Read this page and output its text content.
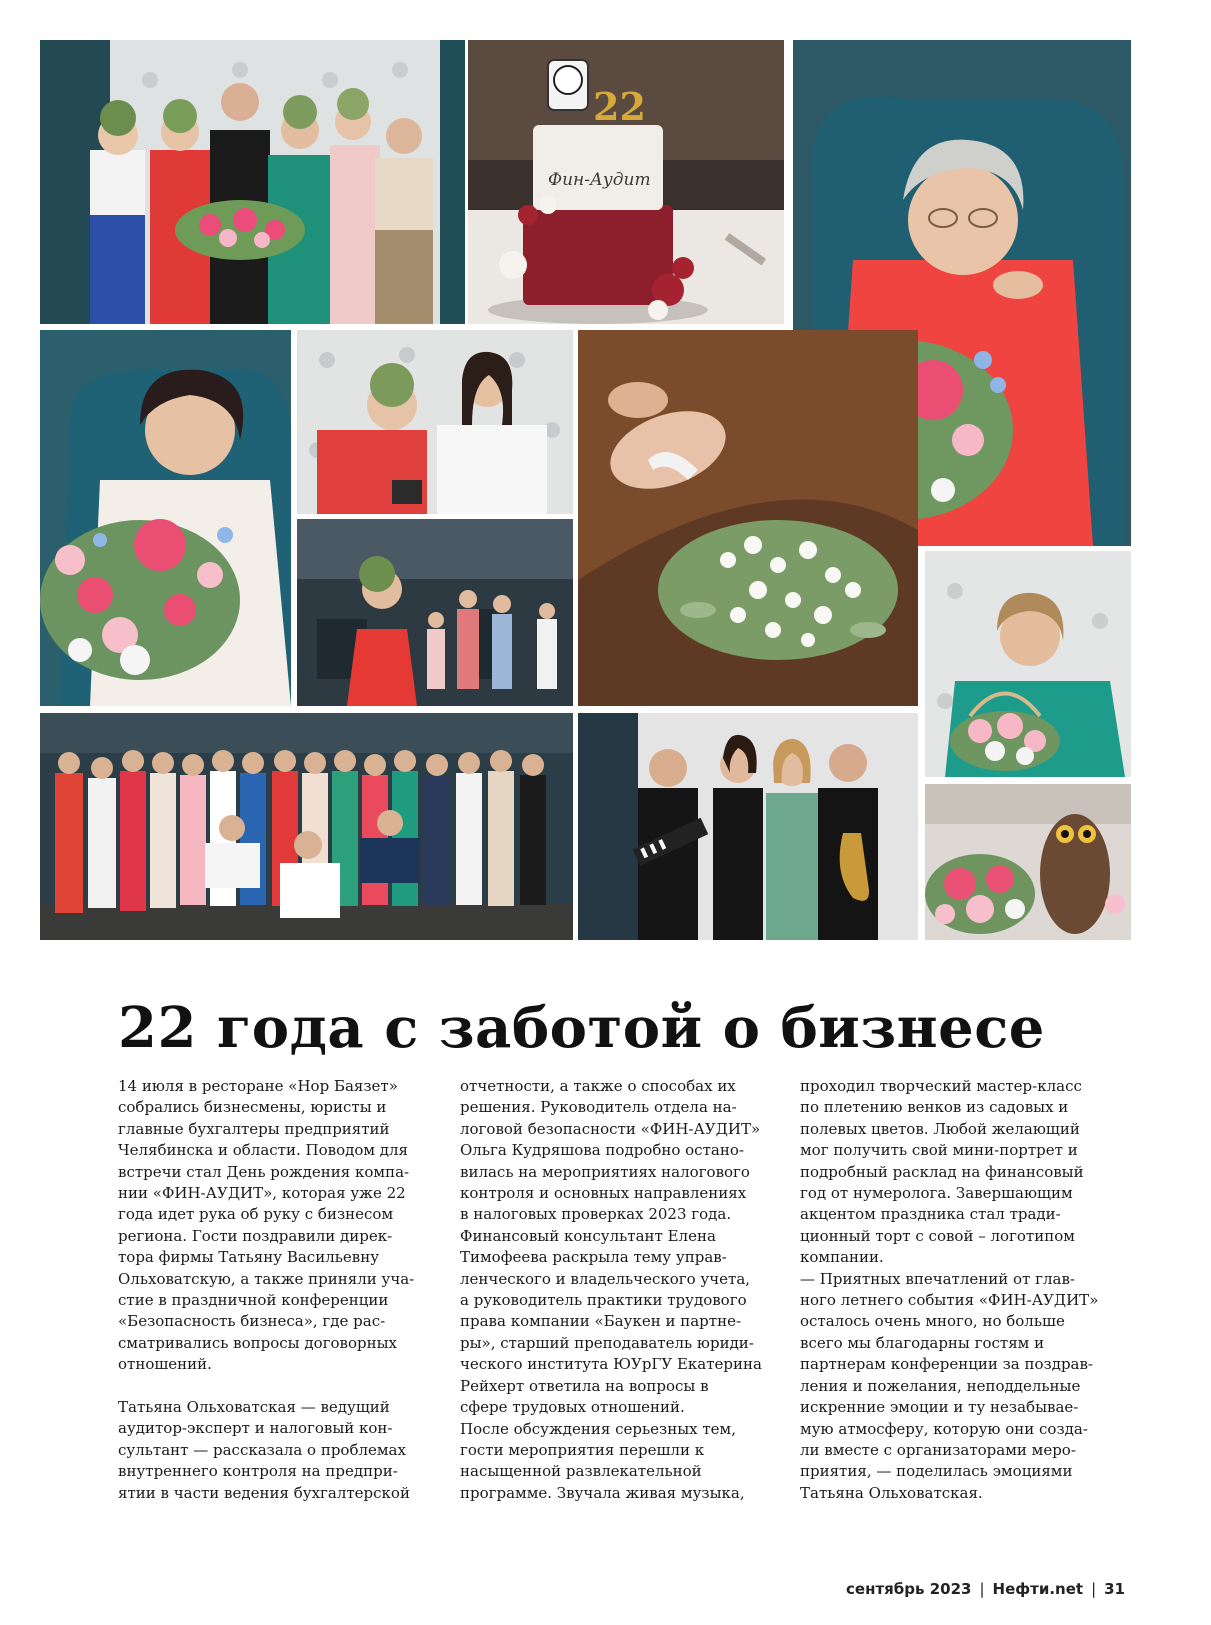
22
Фин-Аудит
22 года с заботой о бизнесе

14 июля в ресторане «Нор Баязет»

собрались бизнесмены, юристы и

главные бухгалтеры предприятий

Челябинска и области. Поводом для

встречи стал День рождения компа-

нии «ФИН-АУДИТ», которая уже 22

года идет рука об руку с бизнесом

региона. Гости поздравили дирек-

тора фирмы Татьяну Васильевну

Ольховатскую, а также приняли уча-

стие в праздничной конференции

«Безопасность бизнеса», где рас-

сматривались вопросы договорных

отношений.

Татьяна Ольховатская — ведущий

аудитор-эксперт и налоговый кон-

сультант — рассказала о проблемах

внутреннего контроля на предпри-

ятии в части ведения бухгалтерской

отчетности, а также о способах их

решения. Руководитель отдела на-

логовой безопасности «ФИН-АУДИТ»

Ольга Кудряшова подробно остано-

вилась на мероприятиях налогового

контроля и основных направлениях

в налоговых проверках 2023 года.

Финансовый консультант Елена

Тимофеева раскрыла тему управ-

ленческого и владельческого учета,

а руководитель практики трудового

права компании «Баукен и партне-

ры», старший преподаватель юриди-

ческого института ЮУрГУ Екатерина

Рейхерт ответила на вопросы в

сфере трудовых отношений.

После обсуждения серьезных тем,

гости мероприятия перешли к

насыщенной развлекательной

программе. Звучала живая музыка,

проходил творческий мастер-класс

по плетению венков из садовых и

полевых цветов. Любой желающий

мог получить свой мини-портрет и

подробный расклад на финансовый

год от нумеролога. Завершающим

акцентом праздника стал тради-

ционный торт с совой – логотипом

компании.

— Приятных впечатлений от глав-

ного летнего события «ФИН-АУДИТ»

осталось очень много, но больше

всего мы благодарны гостям и

партнерам конференции за поздрав-

ления и пожелания, неподдельные

искренние эмоции и ту незабывае-

мую атмосферу, которую они созда-

ли вместе с организаторами меро-

приятия, — поделилась эмоциями

Татьяна Ольховатская.

сентябрь 2023 | Нефти.net | 31
